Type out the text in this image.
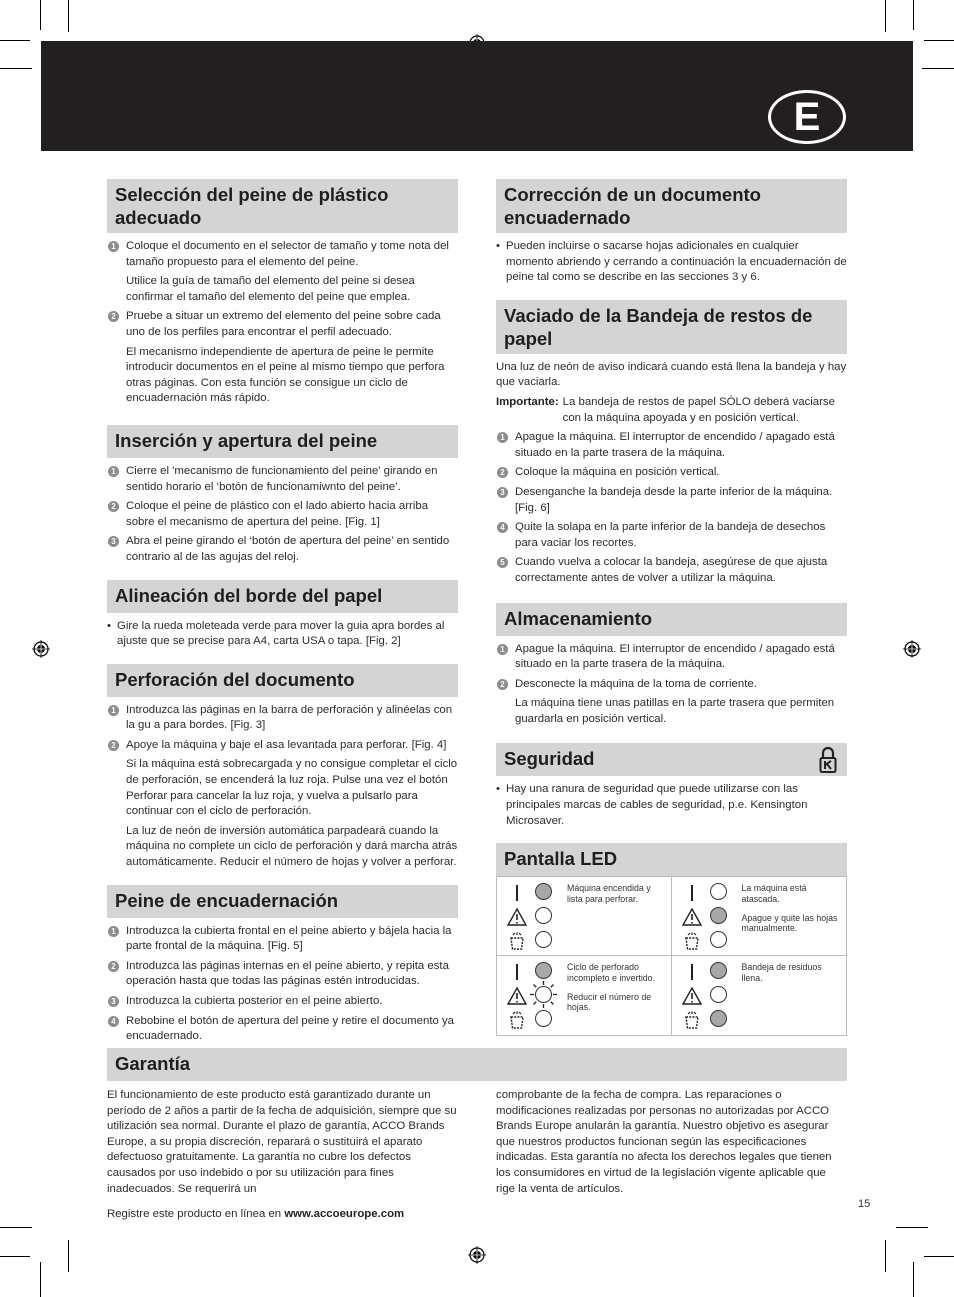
E
Selección del peine de plástico adecuado
1 Coloque el documento en el selector de tamaño y tome nota del tamaño propuesto para el elemento del peine.
Utilice la guía de tamaño del elemento del peine si desea confirmar el tamaño del elemento del peine que emplea.
2 Pruebe a situar un extremo del elemento del peine sobre cada uno de los perfiles para encontrar el perfil adecuado.
El mecanismo independiente de apertura de peine le permite introducir documentos en el peine al mismo tiempo que perfora otras páginas. Con esta función se consigue un ciclo de encuadernación más rápido.
Inserción y apertura del peine
1 Cierre el 'mecanismo de funcionamiento del peine' girando en sentido horario el ‘botón de funcionamiwnto del peine’.
2 Coloque el peine de plástico con el lado abierto hacia arriba sobre el mecanismo de apertura del peine. [Fig. 1]
3 Abra el peine girando el ‘botón de apertura del peine’ en sentido contrario al de las agujas del reloj.
Alineación del borde del papel
• Gire la rueda moleteada verde para mover la guia apra bordes al ajuste que se precise para A4, carta USA o tapa. [Fig. 2]
Perforación del documento
1 Introduzca las páginas en la barra de perforación y alinéelas con la gu a para bordes. [Fig. 3]
2 Apoye la máquina y baje el asa levantada para perforar. [Fig. 4]
Si la máquina está sobrecargada y no consigue completar el ciclo de perforación, se encenderá la luz roja. Pulse una vez el botón Perforar para cancelar la luz roja, y vuelva a pulsarlo para continuar con el ciclo de perforación.
La luz de neón de inversión automática parpadeará cuando la máquina no complete un ciclo de perforación y dará marcha atrás automáticamente. Reducir el número de hojas y volver a perforar.
Peine de encuadernación
1 Introduzca la cubierta frontal en el peine abierto y bájela hacia la parte frontal de la máquina. [Fig. 5]
2 Introduzca las páginas internas en el peine abierto, y repita esta operación hasta que todas las páginas estén introducidas.
3 Introduzca la cubierta posterior en el peine abierto.
4 Rebobine el botón de apertura del peine y retire el documento ya encuadernado.
Corrección de un documento encuadernado
• Pueden incluirse o sacarse hojas adicionales en cualquier momento abriendo y cerrando a continuación la encuadernación de peine tal como se describe en las secciones 3 y 6.
Vaciado de la Bandeja de restos de papel
Una luz de neón de aviso indicará cuando está llena la bandeja y hay que vaciarla.
Importante: La bandeja de restos de papel SÓLO deberá vaciarse con la máquina apoyada y en posición vertical.
1 Apague la máquina. El interruptor de encendido / apagado está situado en la parte trasera de la máquina.
2 Coloque la máquina en posición vertical.
3 Desenganche la bandeja desde la parte inferior de la máquina. [Fig. 6]
4 Quite la solapa en la parte inferior de la bandeja de desechos para vaciar los recortes.
5 Cuando vuelva a colocar la bandeja, asegúrese de que ajusta correctamente antes de volver a utilizar la máquina.
Almacenamiento
1 Apague la máquina. El interruptor de encendido / apagado está situado en la parte trasera de la máquina.
2 Desconecte la máquina de la toma de corriente.
La máquina tiene unas patillas en la parte trasera que permiten guardarla en posición vertical.
Seguridad
• Hay una ranura de seguridad que puede utilizarse con las principales marcas de cables de seguridad, p.e. Kensington Microsaver.
Pantalla LED

Máquina encendida y lista para perforar.

La máquina está atascada.

Apague y quite las hojas manualmente.

Ciclo de perforado incompleto e invertido.

Reducir el número de hojas.

Bandeja de residuos llena.

Garantía
El funcionamiento de este producto está garantizado durante un período de 2 años a partir de la fecha de adquisición, siempre que su utilización sea normal. Durante el plazo de garantía, ACCO Brands Europe, a su propia discreción, reparará o sustituirá el aparato defectuoso gratuitamente. La garantía no cubre los defectos causados por uso indebido o por su utilización para fines inadecuados. Se requerirá un
Registre este producto en línea en www.accoeurope.com
comprobante de la fecha de compra. Las reparaciones o modificaciones realizadas por personas no autorizadas por ACCO Brands Europe anularán la garantía. Nuestro objetivo es asegurar que nuestros productos funcionan según las especificaciones indicadas. Esta garantía no afecta los derechos legales que tienen los consumidores en virtud de la legislación vigente aplicable que rige la venta de artículos.
15
